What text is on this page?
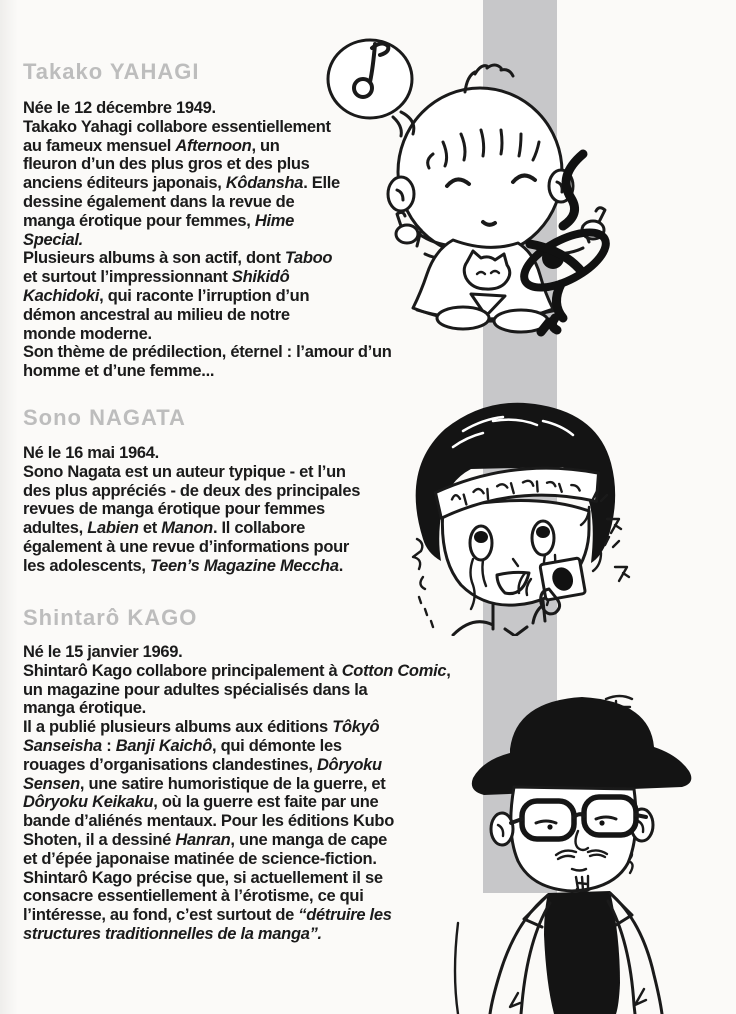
Takako YAHAGI
Née le 12 décembre 1949.
Takako Yahagi collabore essentiellement
au fameux mensuel Afternoon, un
fleuron d’un des plus gros et des plus
anciens éditeurs japonais, Kôdansha. Elle
dessine également dans la revue de
manga érotique pour femmes, Hime
Special.
Plusieurs albums à son actif, dont Taboo
et surtout l’impressionnant Shikidô
Kachidoki, qui raconte l’irruption d’un
démon ancestral au milieu de notre
monde moderne.
Son thème de prédilection, éternel : l’amour d’un
homme et d’une femme...
Sono NAGATA
Né le 16 mai 1964.
Sono Nagata est un auteur typique - et l’un
des plus appréciés - de deux des principales
revues de manga érotique pour femmes
adultes, Labien et Manon. Il collabore
également à une revue d’informations pour
les adolescents, Teen’s Magazine Meccha.
Shintarô KAGO
Né le 15 janvier 1969.
Shintarô Kago collabore principalement à Cotton Comic,
un magazine pour adultes spécialisés dans la
manga érotique.
Il a publié plusieurs albums aux éditions Tôkyô
Sanseisha : Banji Kaichô, qui démonte les
rouages d’organisations clandestines, Dôryoku
Sensen, une satire humoristique de la guerre, et
Dôryoku Keikaku, où la guerre est faite par une
bande d’aliénés mentaux. Pour les éditions Kubo
Shoten, il a dessiné Hanran, une manga de cape
et d’épée japonaise matinée de science-fiction.
Shintarô Kago précise que, si actuellement il se
consacre essentiellement à l’érotisme, ce qui
l’intéresse, au fond, c’est surtout de “détruire les
structures traditionnelles de la manga”.
